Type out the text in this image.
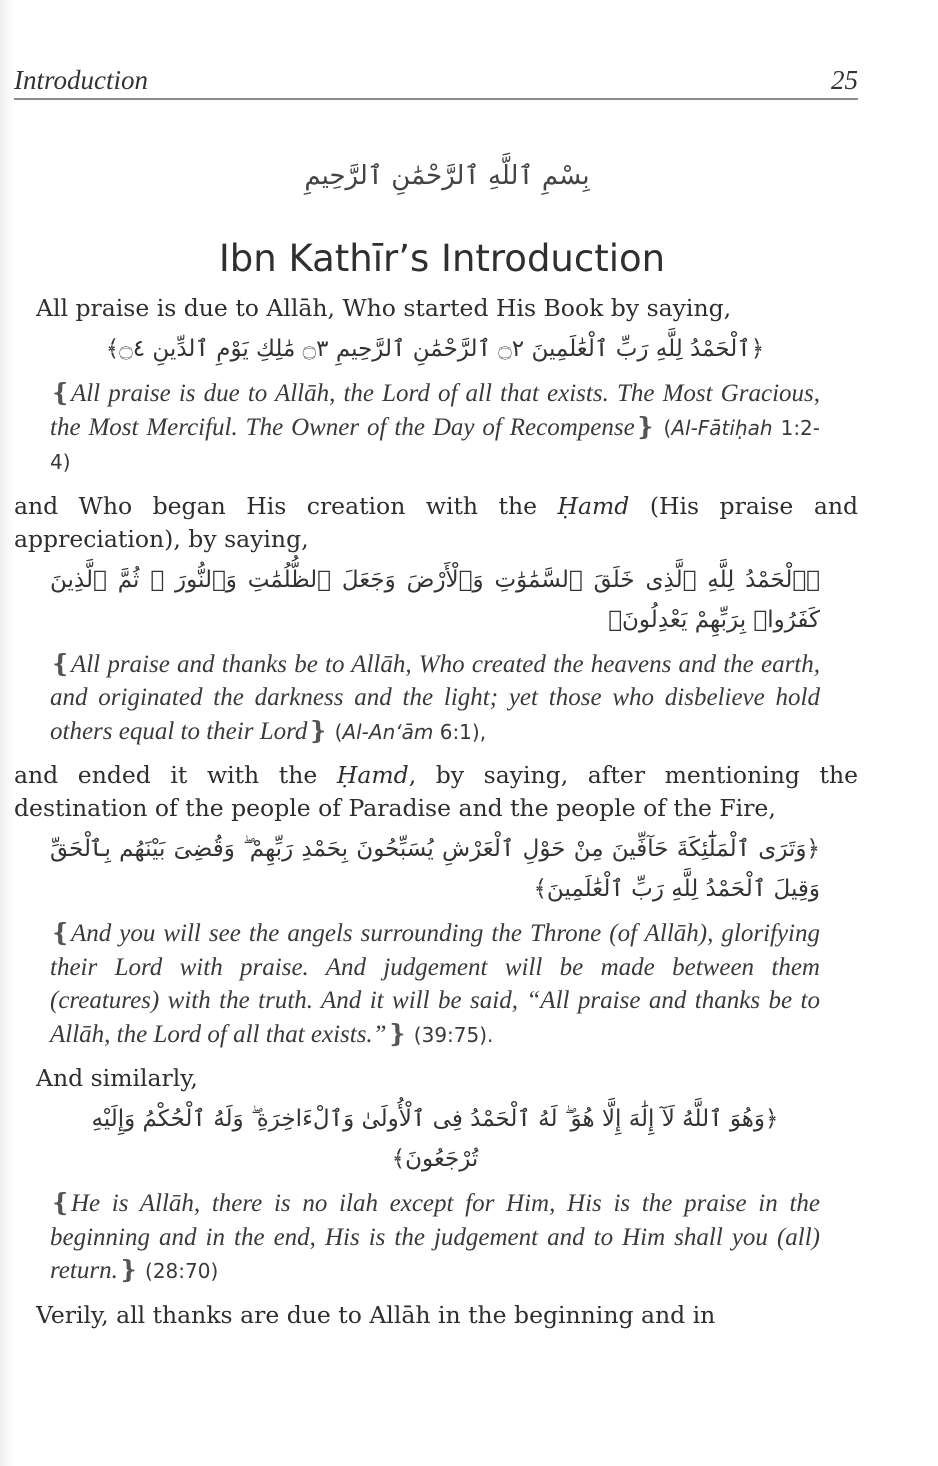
Introduction	25
بِسْمِ ٱللَّهِ ٱلرَّحْمَٰنِ ٱلرَّحِيمِ
Ibn Kathīr’s Introduction

All praise is due to Allāh, Who started His Book by saying,

﴿ٱلْحَمْدُ لِلَّهِ رَبِّ ٱلْعَٰلَمِينَ ۝٢ ٱلرَّحْمَٰنِ ٱلرَّحِيمِ ۝٣ مَٰلِكِ يَوْمِ ٱلدِّينِ ۝٤﴾

❴All praise is due to Allāh, the Lord of all that exists. The Most Gracious, the Most Merciful. The Owner of the Day of Recompense❵ (Al-Fātiḥah 1:2-4)

and Who began His creation with the Ḥamd (His praise and appreciation), by saying,

﴿ٱلْحَمْدُ لِلَّهِ ٱلَّذِى خَلَقَ ٱلسَّمَٰوَٰتِ وَٱلْأَرْضَ وَجَعَلَ ٱلظُّلُمَٰتِ وَٱلنُّورَ ۖ ثُمَّ ٱلَّذِينَ كَفَرُوا۟ بِرَبِّهِمْ يَعْدِلُونَ﴾

❴All praise and thanks be to Allāh, Who created the heavens and the earth, and originated the darkness and the light; yet those who disbelieve hold others equal to their Lord❵ (Al-An‘ām 6:1),

and ended it with the Ḥamd, by saying, after mentioning the destination of the people of Paradise and the people of the Fire,

﴿وَتَرَى ٱلْمَلَٰٓئِكَةَ حَآفِّينَ مِنْ حَوْلِ ٱلْعَرْشِ يُسَبِّحُونَ بِحَمْدِ رَبِّهِمْ ۖ وَقُضِىَ بَيْنَهُم بِٱلْحَقِّ وَقِيلَ ٱلْحَمْدُ لِلَّهِ رَبِّ ٱلْعَٰلَمِينَ﴾

❴And you will see the angels surrounding the Throne (of Allāh), glorifying their Lord with praise. And judgement will be made between them (creatures) with the truth. And it will be said, “All praise and thanks be to Allāh, the Lord of all that exists.”❵ (39:75).

And similarly,

﴿وَهُوَ ٱللَّهُ لَآ إِلَٰهَ إِلَّا هُوَ ۖ لَهُ ٱلْحَمْدُ فِى ٱلْأُولَىٰ وَٱلْءَاخِرَةِ ۖ وَلَهُ ٱلْحُكْمُ وَإِلَيْهِ تُرْجَعُونَ﴾

❴He is Allāh, there is no ilah except for Him, His is the praise in the beginning and in the end, His is the judgement and to Him shall you (all) return.❵ (28:70)

Verily, all thanks are due to Allāh in the beginning and in
